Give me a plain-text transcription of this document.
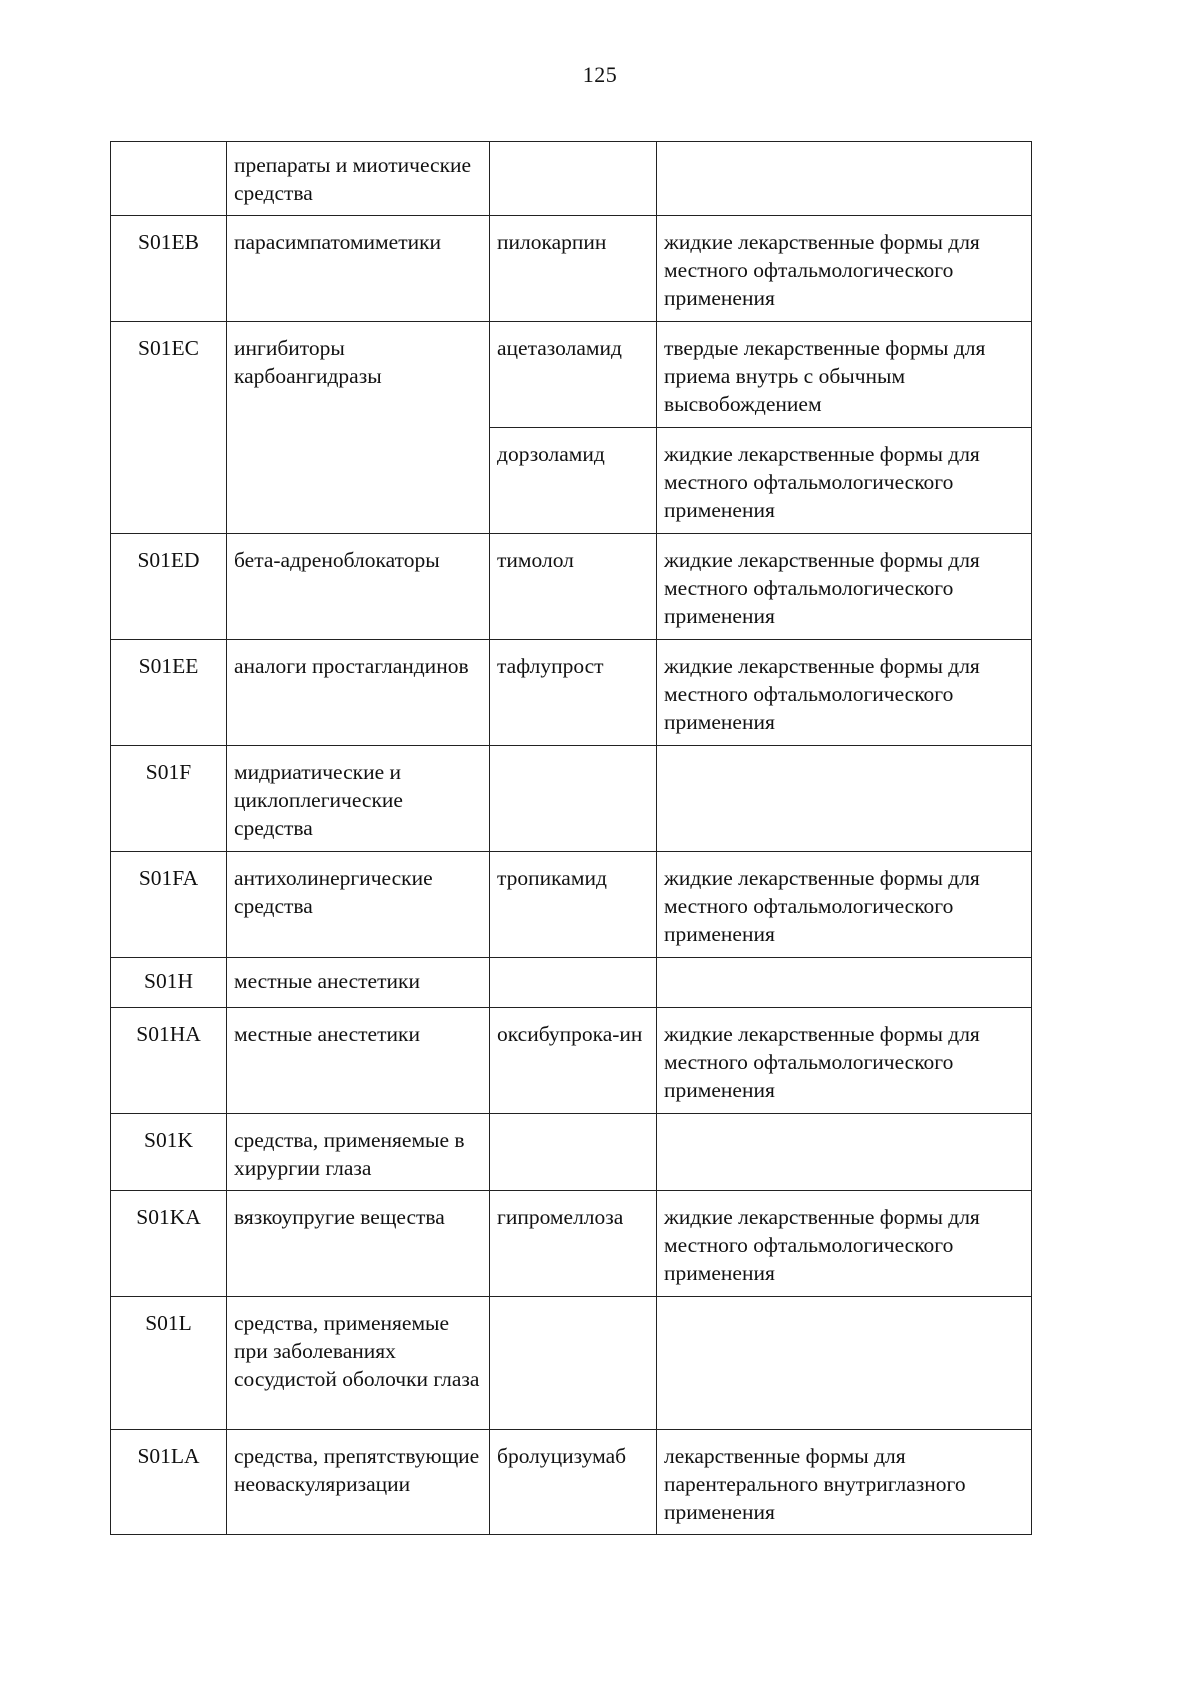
125
	препараты и миотические средства		
S01EB	парасимпатомиметики	пилокарпин	жидкие лекарственные формы для местного офтальмологического применения
S01EC	ингибиторы карбоангидразы	ацетазоламид	твердые лекарственные формы для приема внутрь с обычным высвобождением
		дорзоламид	жидкие лекарственные формы для местного офтальмологического применения
S01ED	бета-адреноблокаторы	тимолол	жидкие лекарственные формы для местного офтальмологического применения
S01EE	аналоги простагландинов	тафлупрост	жидкие лекарственные формы для местного офтальмологического применения
S01F	мидриатические и циклоплегические средства		
S01FA	антихолинергические средства	тропикамид	жидкие лекарственные формы для местного офтальмологического применения
S01H	местные анестетики		
S01HA	местные анестетики	оксибупрока-ин	жидкие лекарственные формы для местного офтальмологического применения
S01K	средства, применяемые в хирургии глаза		
S01KA	вязкоупругие вещества	гипромеллоза	жидкие лекарственные формы для местного офтальмологического применения
S01L	средства, применяемые при заболеваниях сосудистой оболочки глаза		
S01LA	средства, препятствующие неоваскуляризации	бролуцизумаб	лекарственные формы для парентерального внутриглазного применения
